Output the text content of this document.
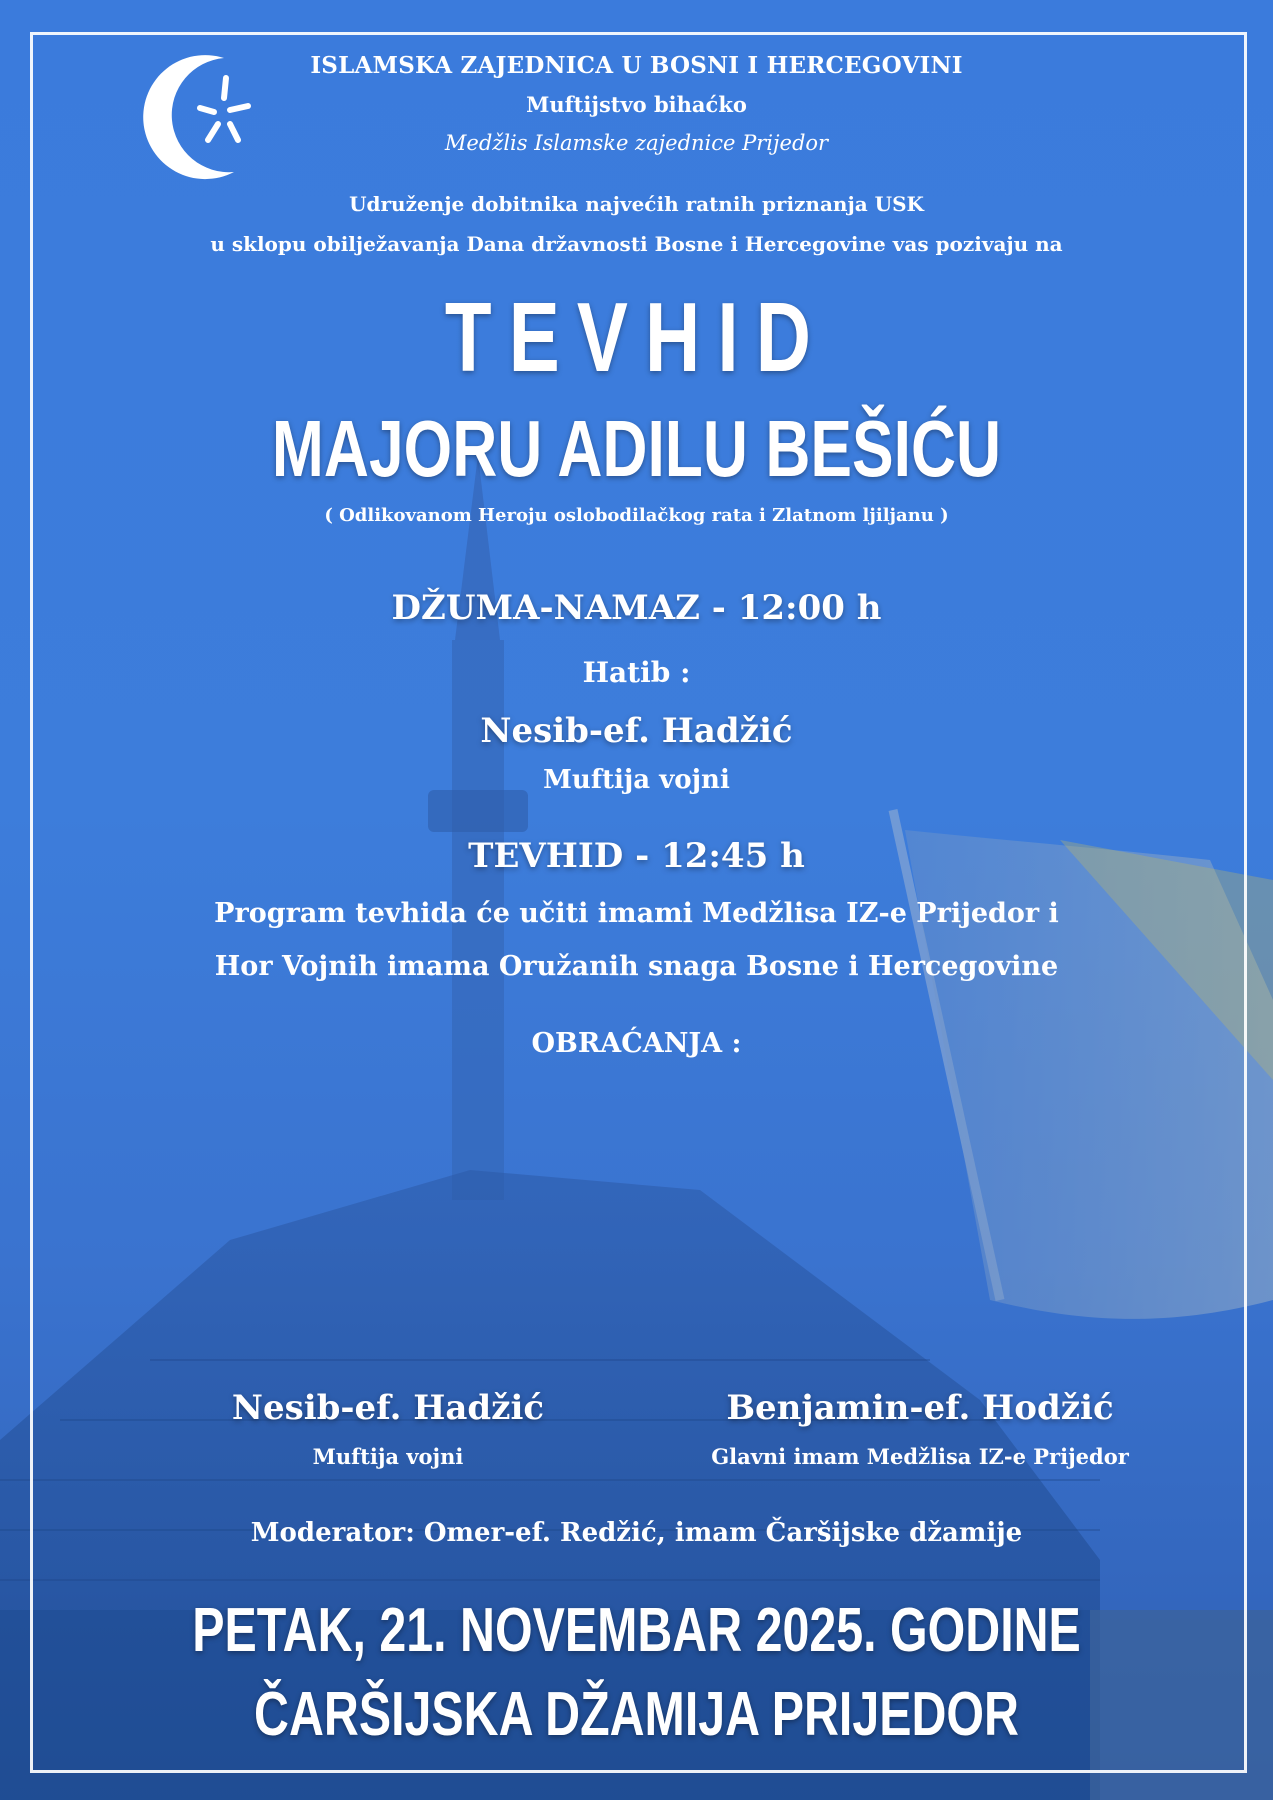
ISLAMSKA ZAJEDNICA U BOSNI I HERCEGOVINI
Muftijstvo bihaćko
Medžlis Islamske zajednice Prijedor
Udruženje dobitnika najvećih ratnih priznanja USK
u sklopu obilježavanja Dana državnosti Bosne i Hercegovine vas pozivaju na
TEVHID
MAJORU ADILU BEŠIĆU
( Odlikovanom Heroju oslobodilačkog rata i Zlatnom ljiljanu )
DŽUMA-NAMAZ - 12:00 h
Hatib :
Nesib-ef. Hadžić
Muftija vojni
TEVHID - 12:45 h
Program tevhida će učiti imami Medžlisa IZ-e Prijedor i
Hor Vojnih imama Oružanih snaga Bosne i Hercegovine
OBRAĆANJA :
Nesib-ef. Hadžić
Muftija vojni
Benjamin-ef. Hodžić
Glavni imam Medžlisa IZ-e Prijedor
Moderator: Omer-ef. Redžić, imam Čaršijske džamije
PETAK, 21. NOVEMBAR 2025. GODINE
ČARŠIJSKA DŽAMIJA PRIJEDOR
